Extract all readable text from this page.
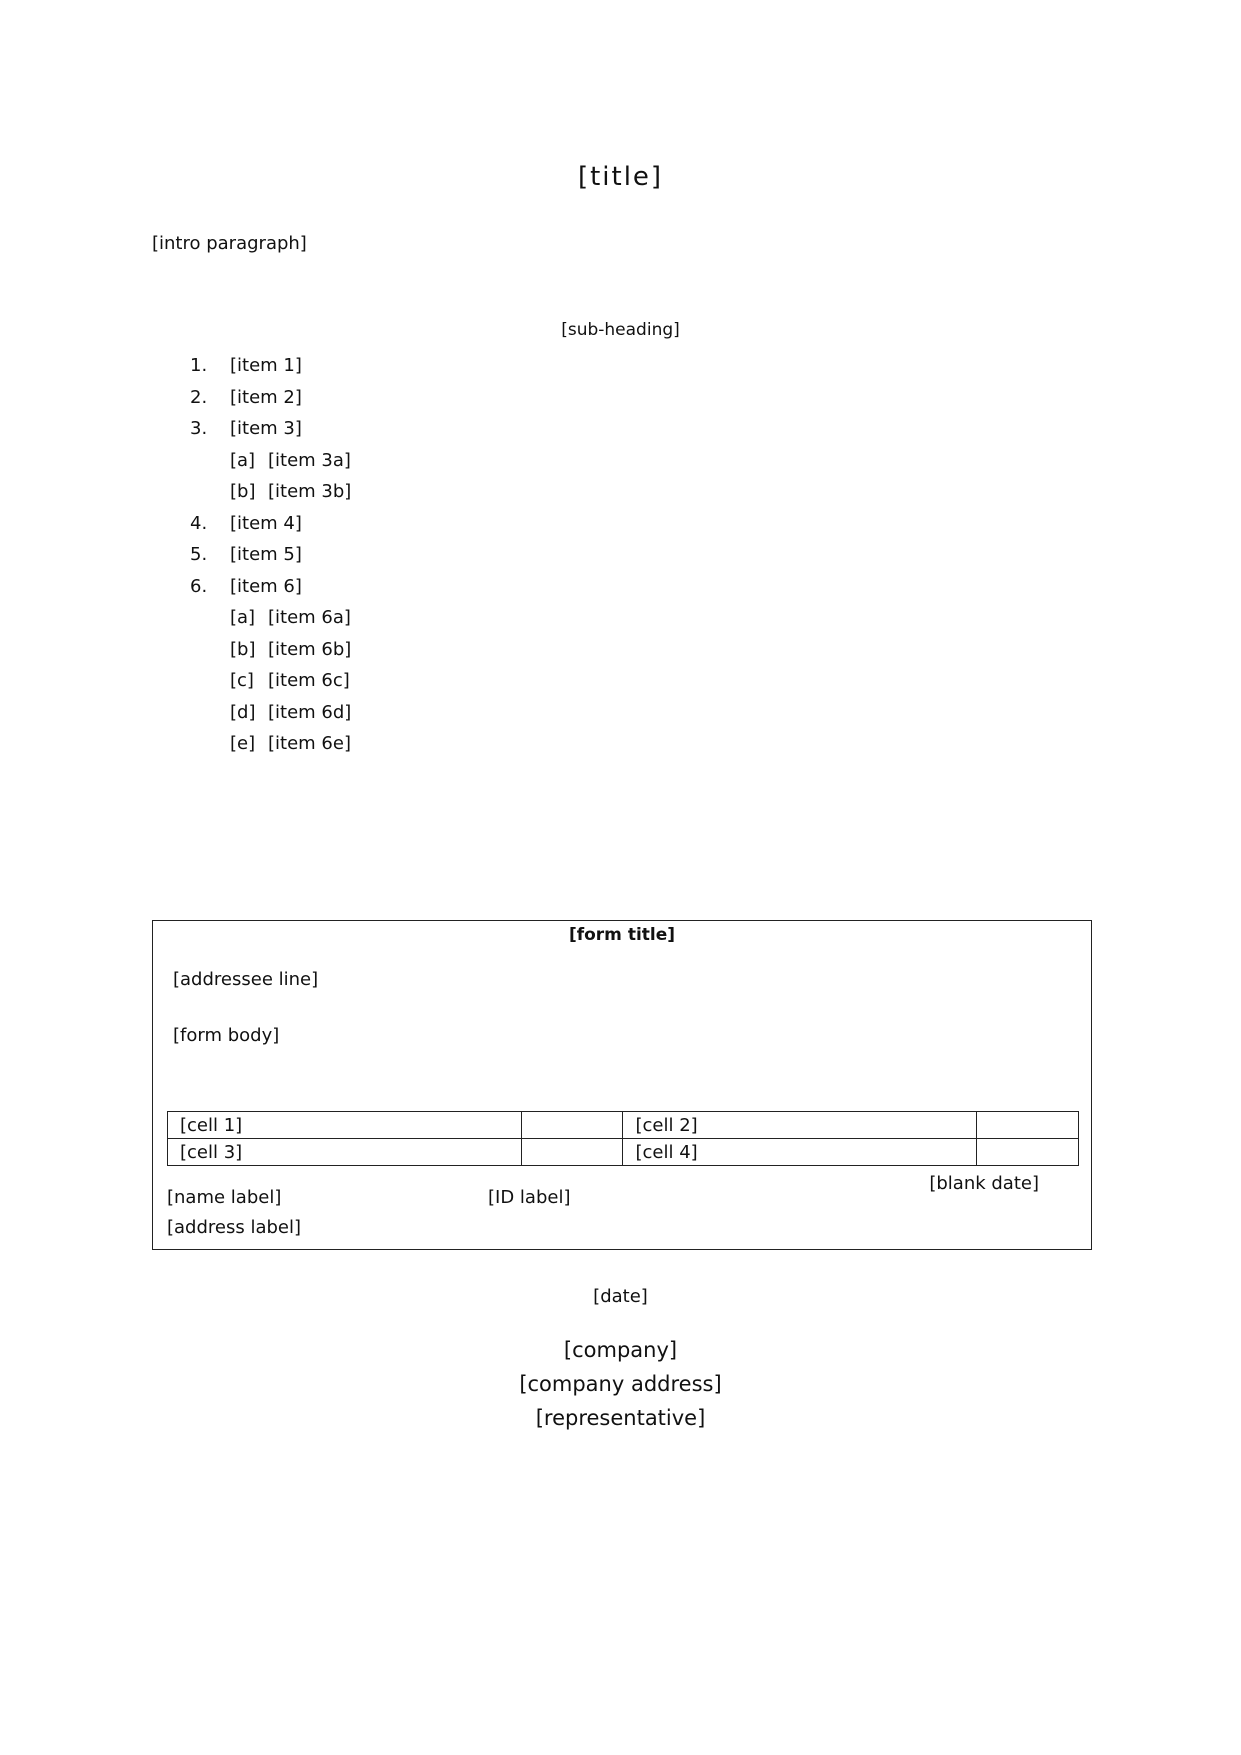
[title]
[intro paragraph]
[sub-heading]
1.	[item 1]
2.	[item 2]
3.	[item 3]
[a] [item 3a]
[b] [item 3b]
4.	[item 4]
5.	[item 5]
6.	[item 6]
[a] [item 6a]
[b] [item 6b]
[c] [item 6c]
[d] [item 6d]
[e] [item 6e]
[form title]
[addressee line]
[form body]
[cell 1]		[cell 2]	
[cell 3]		[cell 4]	
[blank date]
[name label]	[ID label]
[address label]
[date]
[company]
[company address]
[representative]
